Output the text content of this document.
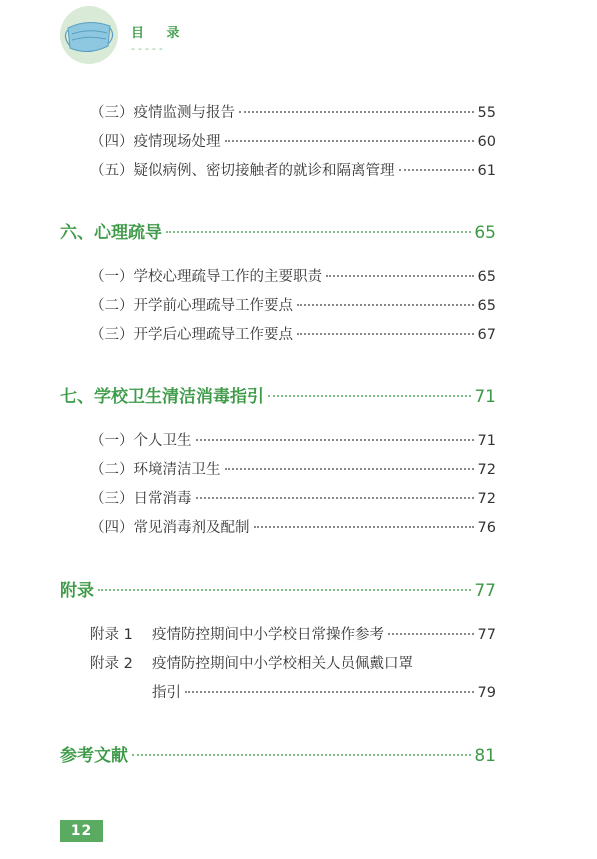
目 录
-----
（三）疫情监测与报告	55
（四）疫情现场处理	60
（五）疑似病例、密切接触者的就诊和隔离管理	61
六、心理疏导	65
（一）学校心理疏导工作的主要职责	65
（二）开学前心理疏导工作要点	65
（三）开学后心理疏导工作要点	67
七、学校卫生清洁消毒指引	71
（一）个人卫生	71
（二）环境清洁卫生	72
（三）日常消毒	72
（四）常见消毒剂及配制	76
附录	77
附录 1	疫情防控期间中小学校日常操作参考	77
附录 2	疫情防控期间中小学校相关人员佩戴口罩
指引	79
参考文献	81
12
